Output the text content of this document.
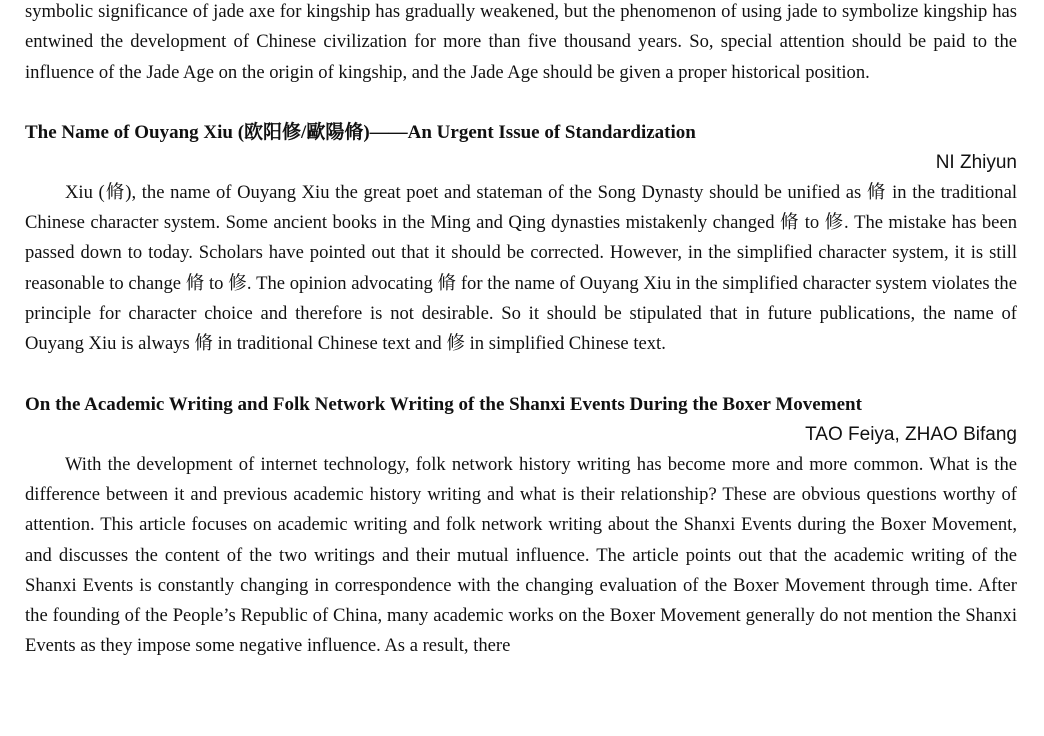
symbolic significance of jade axe for kingship has gradually weakened, but the phenomenon of using jade to symbolize kingship has entwined the development of Chinese civilization for more than five thousand years. So, special attention should be paid to the influence of the Jade Age on the origin of kingship, and the Jade Age should be given a proper historical position.

The Name of Ouyang Xiu (欧阳修/歐陽脩)——An Urgent Issue of Standardization

NI Zhiyun

Xiu (脩), the name of Ouyang Xiu the great poet and stateman of the Song Dynasty should be unified as 脩 in the traditional Chinese character system. Some ancient books in the Ming and Qing dynasties mistakenly changed 脩 to 修. The mistake has been passed down to today. Scholars have pointed out that it should be corrected. However, in the simplified character system, it is still reasonable to change 脩 to 修. The opinion advocating 脩 for the name of Ouyang Xiu in the simplified character system violates the principle for character choice and therefore is not desirable. So it should be stipulated that in future publications, the name of Ouyang Xiu is always 脩 in traditional Chinese text and 修 in simplified Chinese text.

On the Academic Writing and Folk Network Writing of the Shanxi Events During the Boxer Movement

TAO Feiya, ZHAO Bifang

With the development of internet technology, folk network history writing has become more and more common. What is the difference between it and previous academic history writing and what is their relationship? These are obvious questions worthy of attention. This article focuses on academic writing and folk network writing about the Shanxi Events during the Boxer Movement, and discusses the content of the two writings and their mutual influence. The article points out that the academic writing of the Shanxi Events is constantly changing in correspondence with the changing evaluation of the Boxer Movement through time. After the founding of the People’s Republic of China, many academic works on the Boxer Movement generally do not mention the Shanxi Events as they impose some negative influence. As a result, there
